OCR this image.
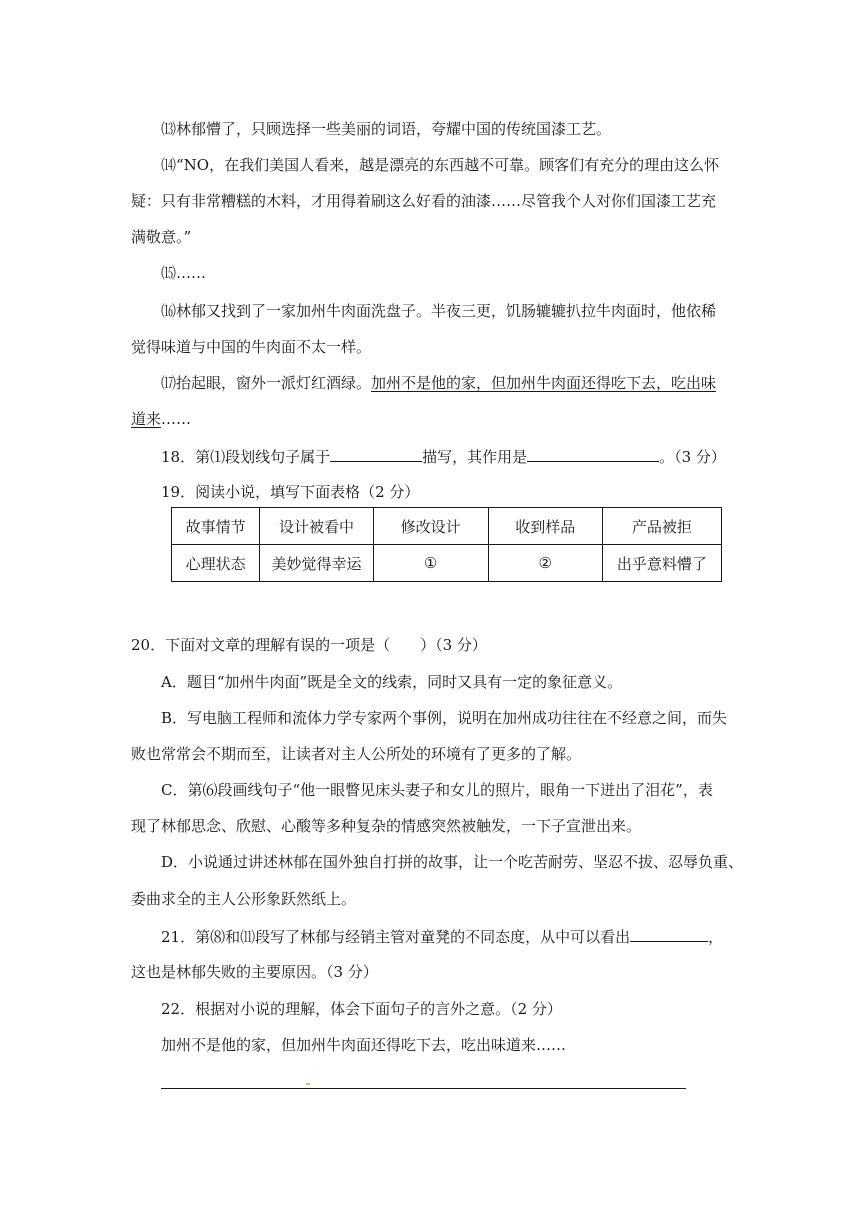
⒀林郁懵了，只顾选择一些美丽的词语，夸耀中国的传统国漆工艺。
⒁“NO，在我们美国人看来，越是漂亮的东西越不可靠。顾客们有充分的理由这么怀
疑：只有非常糟糕的木料，才用得着刷这么好看的油漆……尽管我个人对你们国漆工艺充
满敬意。”
⒂……
⒃林郁又找到了一家加州牛肉面洗盘子。半夜三更，饥肠辘辘扒拉牛肉面时，他依稀
觉得味道与中国的牛肉面不太一样。
⒄抬起眼，窗外一派灯红酒绿。加州不是他的家，但加州牛肉面还得吃下去，吃出味
道来……
18．第⑴段划线句子属于	描写，其作用是	。（3 分）
19．阅读小说，填写下面表格（2 分）
故事情节	设计被看中	修改设计	收到样品	产品被拒
心理状态	美妙觉得幸运	①	②	出乎意料懵了
20．下面对文章的理解有误的一项是（　　）（3 分）
A．题目“加州牛肉面”既是全文的线索，同时又具有一定的象征意义。
B．写电脑工程师和流体力学专家两个事例，说明在加州成功往往在不经意之间，而失
败也常常会不期而至，让读者对主人公所处的环境有了更多的了解。
C．第⑹段画线句子“他一眼瞥见床头妻子和女儿的照片，眼角一下迸出了泪花”，表
现了林郁思念、欣慰、心酸等多种复杂的情感突然被触发，一下子宣泄出来。
D．小说通过讲述林郁在国外独自打拼的故事，让一个吃苦耐劳、坚忍不拔、忍辱负重、
委曲求全的主人公形象跃然纸上。
21．第⑻和⑾段写了林郁与经销主管对童凳的不同态度，从中可以看出	，
这也是林郁失败的主要原因。（3 分）
22．根据对小说的理解，体会下面句子的言外之意。（2 分）
加州不是他的家，但加州牛肉面还得吃下去，吃出味道来……
